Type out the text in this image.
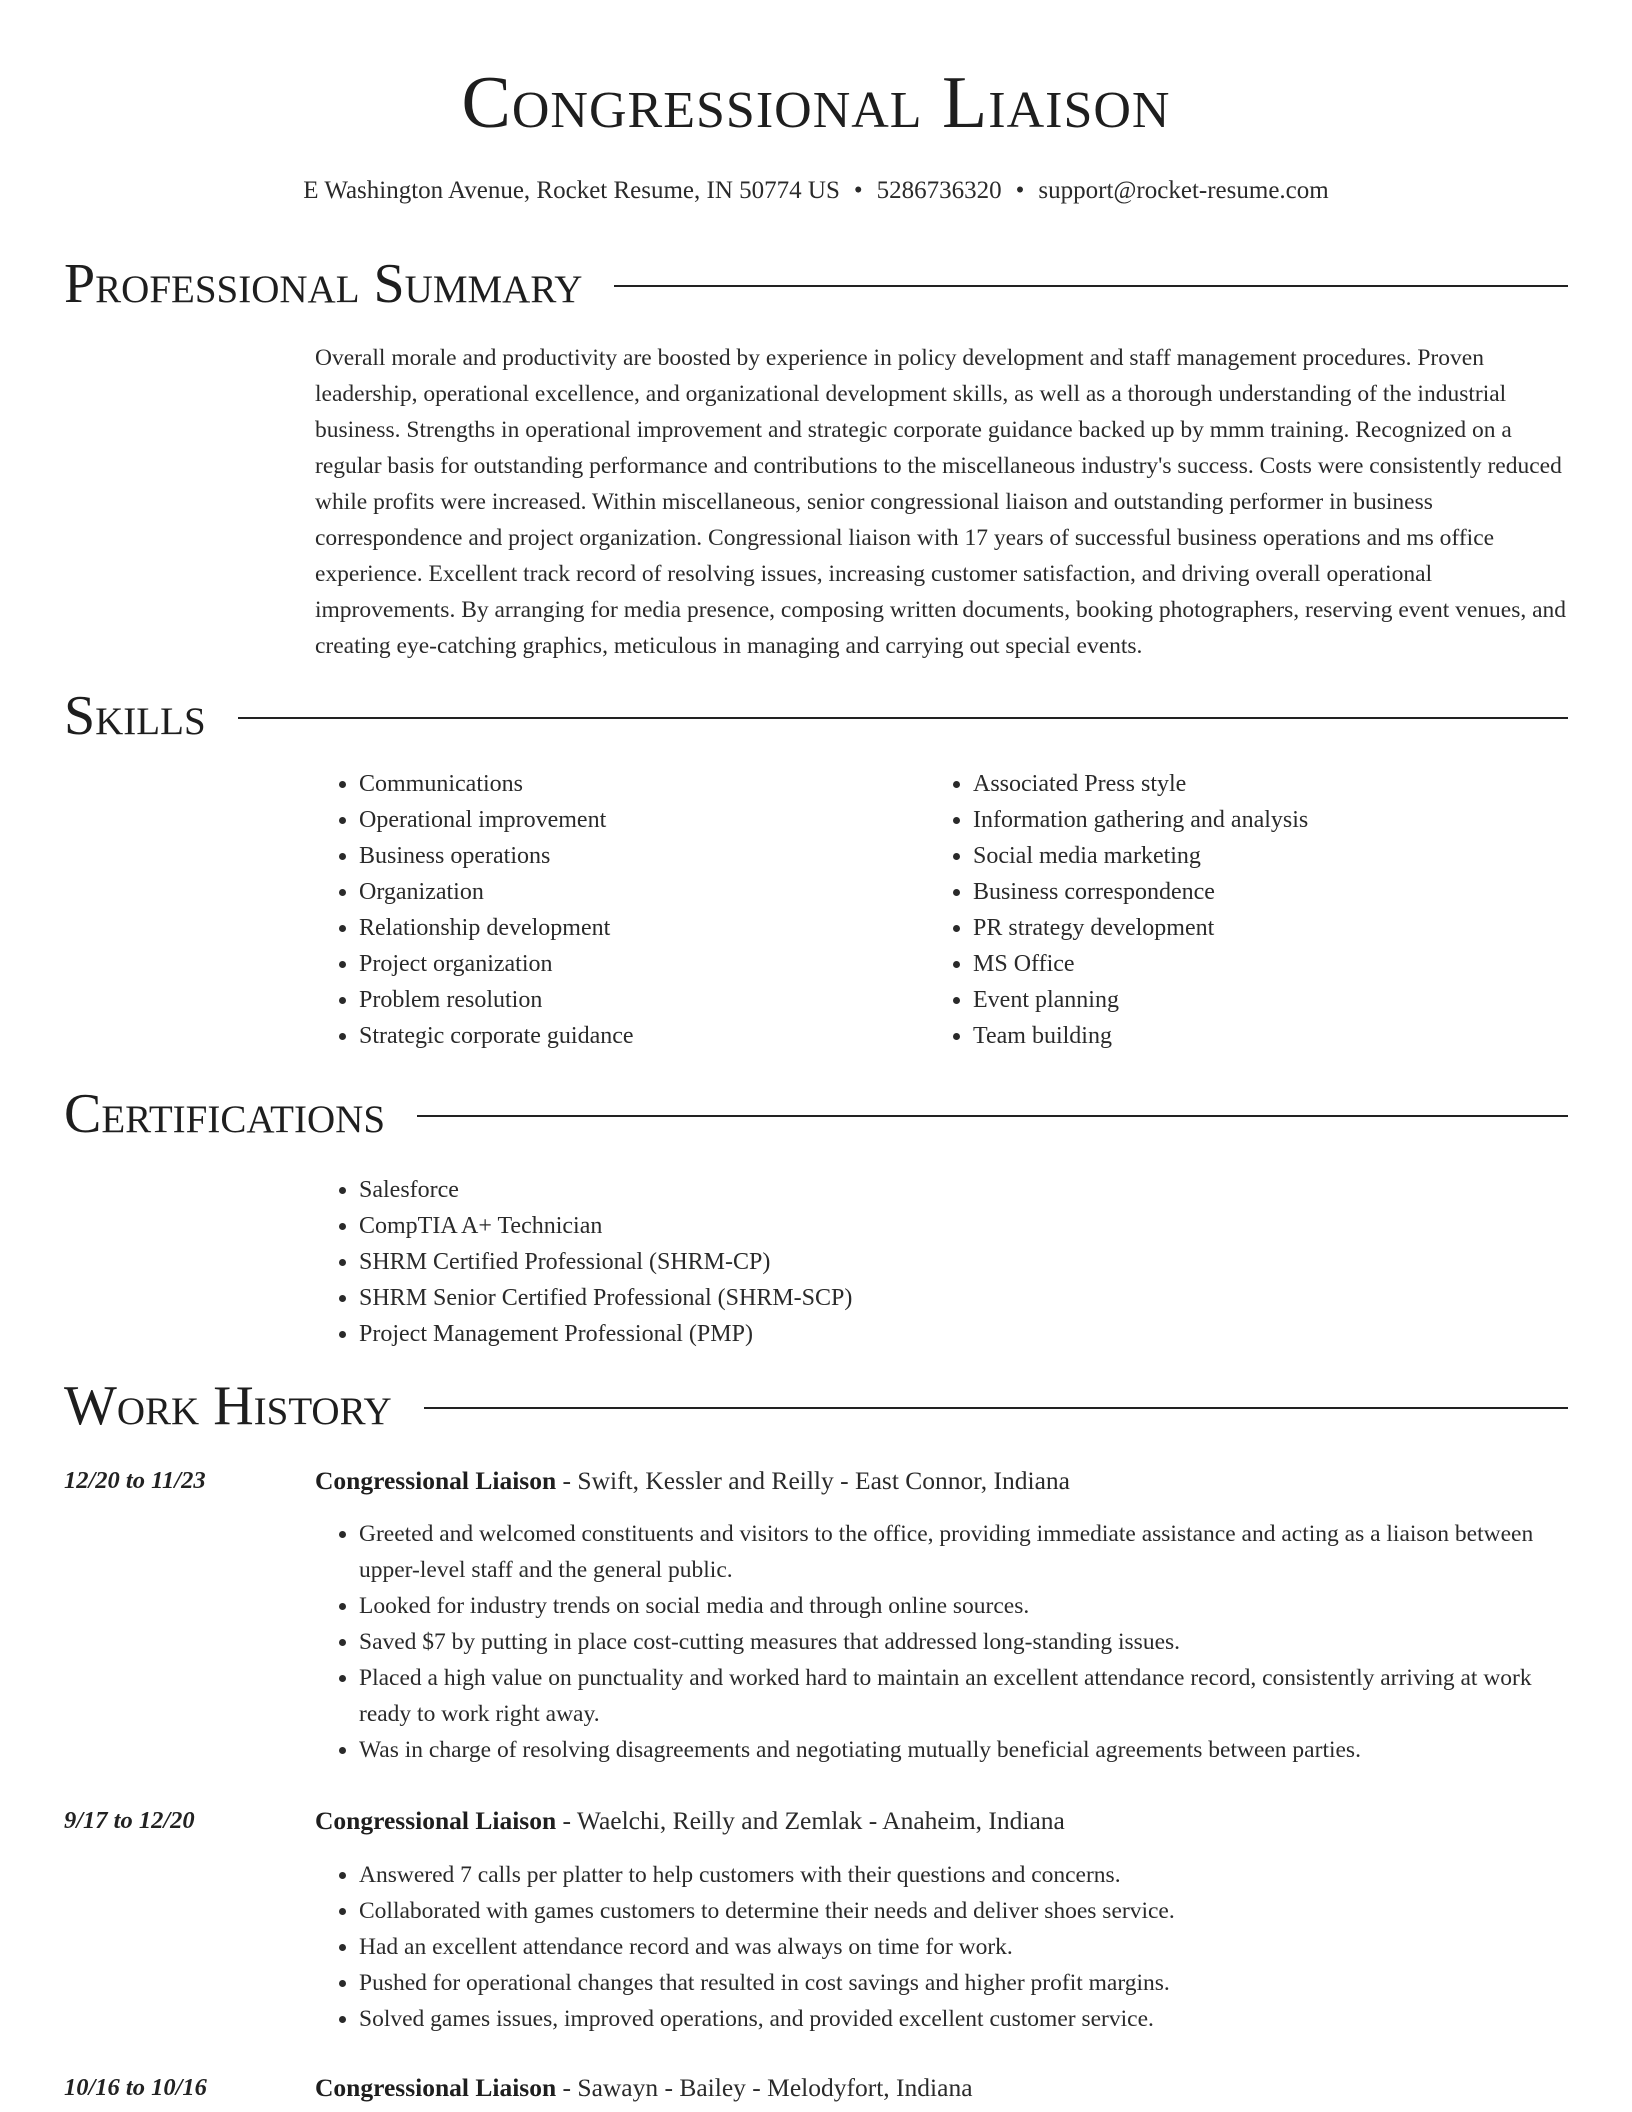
Congressional Liaison
E Washington Avenue, Rocket Resume, IN 50774 US • 5286736320 • support@rocket-resume.com
Professional Summary

Overall morale and productivity are boosted by experience in policy development and staff management procedures. Proven leadership, operational excellence, and organizational development skills, as well as a thorough understanding of the industrial business. Strengths in operational improvement and strategic corporate guidance backed up by mmm training. Recognized on a regular basis for outstanding performance and contributions to the miscellaneous industry's success. Costs were consistently reduced while profits were increased. Within miscellaneous, senior congressional liaison and outstanding performer in business correspondence and project organization. Congressional liaison with 17 years of successful business operations and ms office experience. Excellent track record of resolving issues, increasing customer satisfaction, and driving overall operational improvements. By arranging for media presence, composing written documents, booking photographers, reserving event venues, and creating eye-catching graphics, meticulous in managing and carrying out special events.

Skills
• Communications
• Operational improvement
• Business operations
• Organization
• Relationship development
• Project organization
• Problem resolution
• Strategic corporate guidance
• Associated Press style
• Information gathering and analysis
• Social media marketing
• Business correspondence
• PR strategy development
• MS Office
• Event planning
• Team building
Certifications
• Salesforce
• CompTIA A+ Technician
• SHRM Certified Professional (SHRM-CP)
• SHRM Senior Certified Professional (SHRM-SCP)
• Project Management Professional (PMP)
Work History
12/20 to 11/23	Congressional Liaison - Swift, Kessler and Reilly - East Connor, Indiana
• Greeted and welcomed constituents and visitors to the office, providing immediate assistance and acting as a liaison between upper-level staff and the general public.
• Looked for industry trends on social media and through online sources.
• Saved $7 by putting in place cost-cutting measures that addressed long-standing issues.
• Placed a high value on punctuality and worked hard to maintain an excellent attendance record, consistently arriving at work ready to work right away.
• Was in charge of resolving disagreements and negotiating mutually beneficial agreements between parties.
9/17 to 12/20	Congressional Liaison - Waelchi, Reilly and Zemlak - Anaheim, Indiana
• Answered 7 calls per platter to help customers with their questions and concerns.
• Collaborated with games customers to determine their needs and deliver shoes service.
• Had an excellent attendance record and was always on time for work.
• Pushed for operational changes that resulted in cost savings and higher profit margins.
• Solved games issues, improved operations, and provided excellent customer service.
10/16 to 10/16	Congressional Liaison - Sawayn - Bailey - Melodyfort, Indiana
